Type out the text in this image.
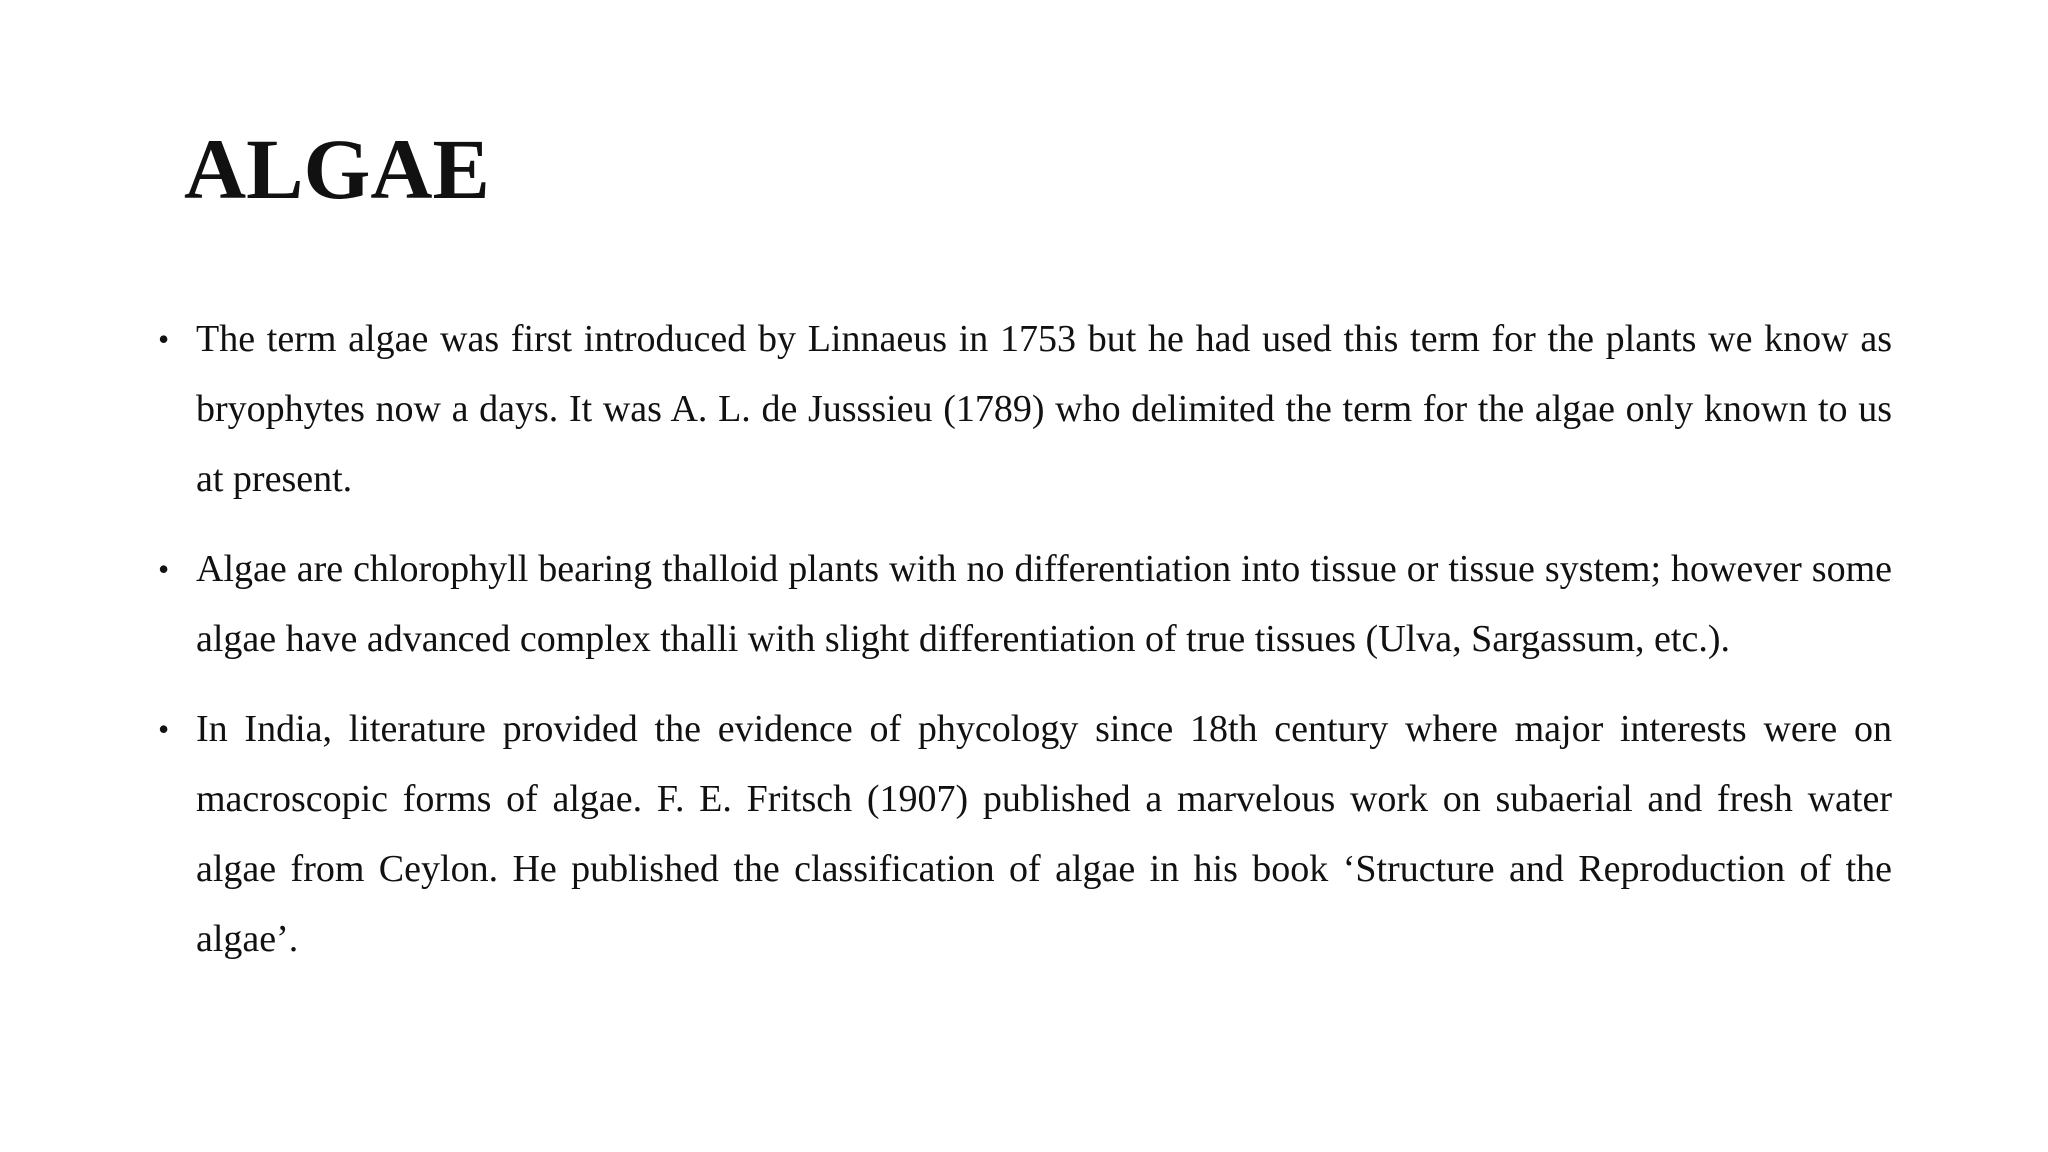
ALGAE
• The term algae was first introduced by Linnaeus in 1753 but he had used this term for the plants we know as bryophytes now a days. It was A. L. de Jusssieu (1789) who delimited the term for the algae only known to us at present.
• Algae are chlorophyll bearing thalloid plants with no differentiation into tissue or tissue system; however some algae have advanced complex thalli with slight differentiation of true tissues (Ulva, Sargassum, etc.).
• In India, literature provided the evidence of phycology since 18th century where major interests were on macroscopic forms of algae. F. E. Fritsch (1907) published a marvelous work on subaerial and fresh water algae from Ceylon. He published the classification of algae in his book ‘Structure and Reproduction of the algae’.
